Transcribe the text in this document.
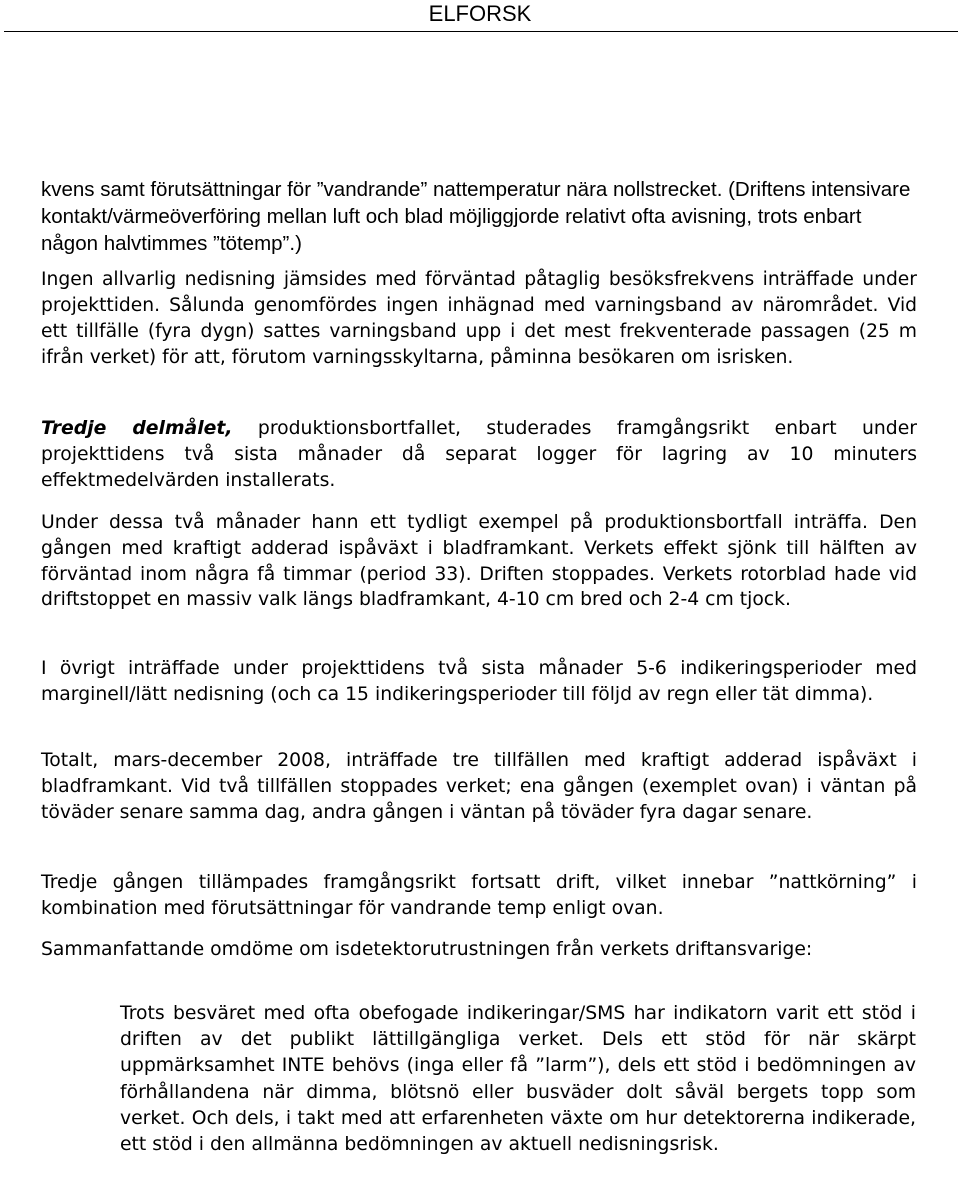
ELFORSK
kvens samt förutsättningar för ”vandrande” nattemperatur nära nollstrecket. (Driftens intensivare kontakt/värmeöverföring mellan luft och blad möjliggjorde relativt ofta avisning, trots enbart någon halvtimmes ”tötemp”.)
Ingen allvarlig nedisning jämsides med förväntad påtaglig besöksfrekvens inträffade under projekttiden. Sålunda genomfördes ingen inhägnad med varningsband av närområdet. Vid ett tillfälle (fyra dygn) sattes varningsband upp i det mest frekventerade passagen (25 m ifrån verket) för att, förutom varningsskyltarna, påminna besökaren om isrisken.
Tredje delmålet, produktionsbortfallet, studerades framgångsrikt enbart under projekttidens två sista månader då separat logger för lagring av 10 minuters effektmedelvärden installerats.
Under dessa två månader hann ett tydligt exempel på produktionsbortfall inträffa. Den gången med kraftigt adderad ispåväxt i bladframkant. Verkets effekt sjönk till hälften av förväntad inom några få timmar (period 33). Driften stoppades. Verkets rotorblad hade vid driftstoppet en massiv valk längs bladframkant, 4-10 cm bred och 2-4 cm tjock.
I övrigt inträffade under projekttidens två sista månader 5-6 indikeringsperioder med marginell/lätt nedisning (och ca 15 indikeringsperioder till följd av regn eller tät dimma).
Totalt, mars-december 2008, inträffade tre tillfällen med kraftigt adderad ispåväxt i bladframkant. Vid två tillfällen stoppades verket; ena gången (exemplet ovan) i väntan på töväder senare samma dag, andra gången i väntan på töväder fyra dagar senare.
Tredje gången tillämpades framgångsrikt fortsatt drift, vilket innebar ”nattkörning” i kombination med förutsättningar för vandrande temp enligt ovan.
Sammanfattande omdöme om isdetektorutrustningen från verkets driftansvarige:
Trots besväret med ofta obefogade indikeringar/SMS har indikatorn varit ett stöd i driften av det publikt lättillgängliga verket. Dels ett stöd för när skärpt uppmärksamhet INTE behövs (inga eller få ”larm”), dels ett stöd i bedömningen av förhållandena när dimma, blötsnö eller busväder dolt såväl bergets topp som verket. Och dels, i takt med att erfarenheten växte om hur detektorerna indikerade, ett stöd i den allmänna bedömningen av aktuell nedisningsrisk.
